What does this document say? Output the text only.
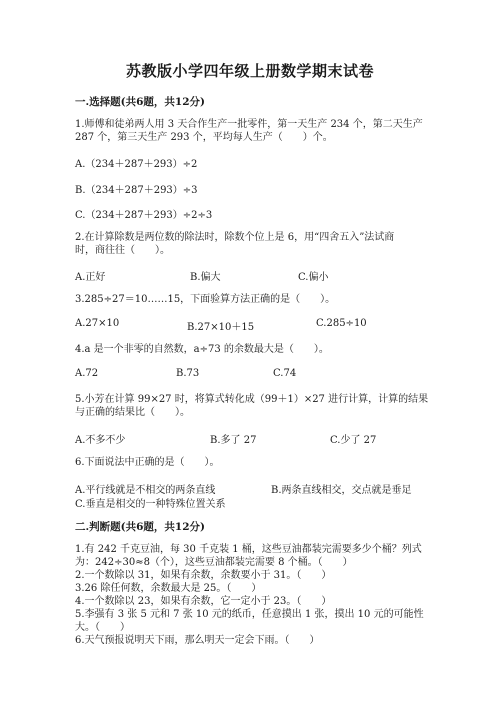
苏教版小学四年级上册数学期末试卷
一.选择题(共6题，共12分)
1.师傅和徒弟两人用 3 天合作生产一批零件，第一天生产 234 个，第二天生产
287 个，第三天生产 293 个，平均每人生产（　　）个。
A.（234＋287＋293）÷2
B.（234＋287＋293）÷3
C.（234＋287＋293）÷2÷3
2.在计算除数是两位数的除法时，除数个位上是 6，用“四舍五入”法试商
时，商往往（　　）。
A.正好	B.偏大	C.偏小
3.285÷27＝10……15，下面验算方法正确的是（　　）。
A.27×10	B.27×10＋15	C.285÷10
4.a 是一个非零的自然数，a÷73 的余数最大是（　　）。
A.72	B.73	C.74
5.小芳在计算 99×27 时，将算式转化成（99＋1）×27 进行计算，计算的结果
与正确的结果比（　　）。
A.不多不少	B.多了 27	C.少了 27
6.下面说法中正确的是（　　）。
A.平行线就是不相交的两条直线	B.两条直线相交，交点就是垂足
C.垂直是相交的一种特殊位置关系
二.判断题(共6题，共12分)
1.有 242 千克豆油，每 30 千克装 1 桶，这些豆油都装完需要多少个桶？列式
为：242÷30≈8（个），这些豆油都装完需要 8 个桶。（　　）
2.一个数除以 31，如果有余数，余数要小于 31。（　　）
3.26 除任何数，余数最大是 25。（　　）
4.一个数除以 23，如果有余数，它一定小于 23。（　　）
5.李强有 3 张 5 元和 7 张 10 元的纸币，任意摸出 1 张，摸出 10 元的可能性
大。（　　）
6.天气预报说明天下雨，那么明天一定会下雨。（　　）
